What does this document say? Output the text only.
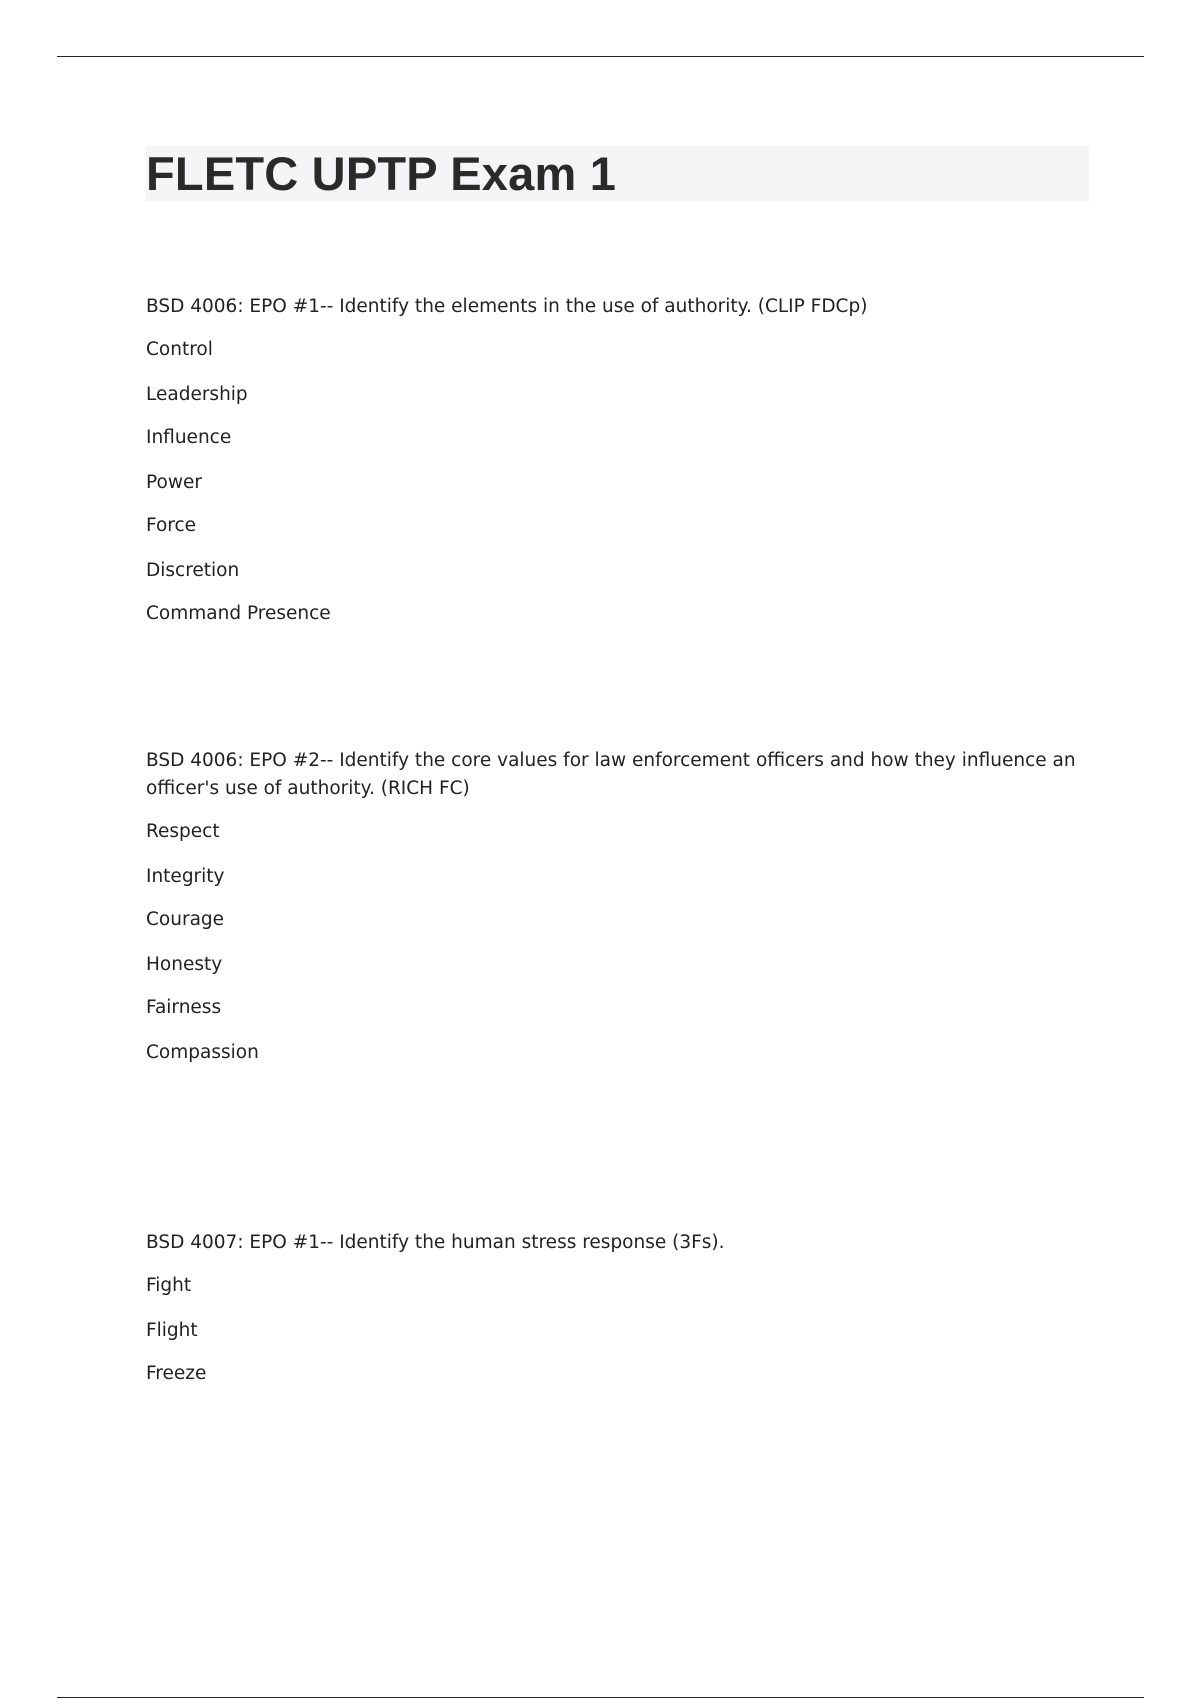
FLETC UPTP Exam 1

BSD 4006: EPO #1-- Identify the elements in the use of authority. (CLIP FDCp)

Control
Leadership
Influence
Power
Force
Discretion
Command Presence

BSD 4006: EPO #2-- Identify the core values for law enforcement officers and how they influence an officer's use of authority. (RICH FC)

Respect
Integrity
Courage
Honesty
Fairness
Compassion

BSD 4007: EPO #1-- Identify the human stress response (3Fs).

Fight
Flight
Freeze
